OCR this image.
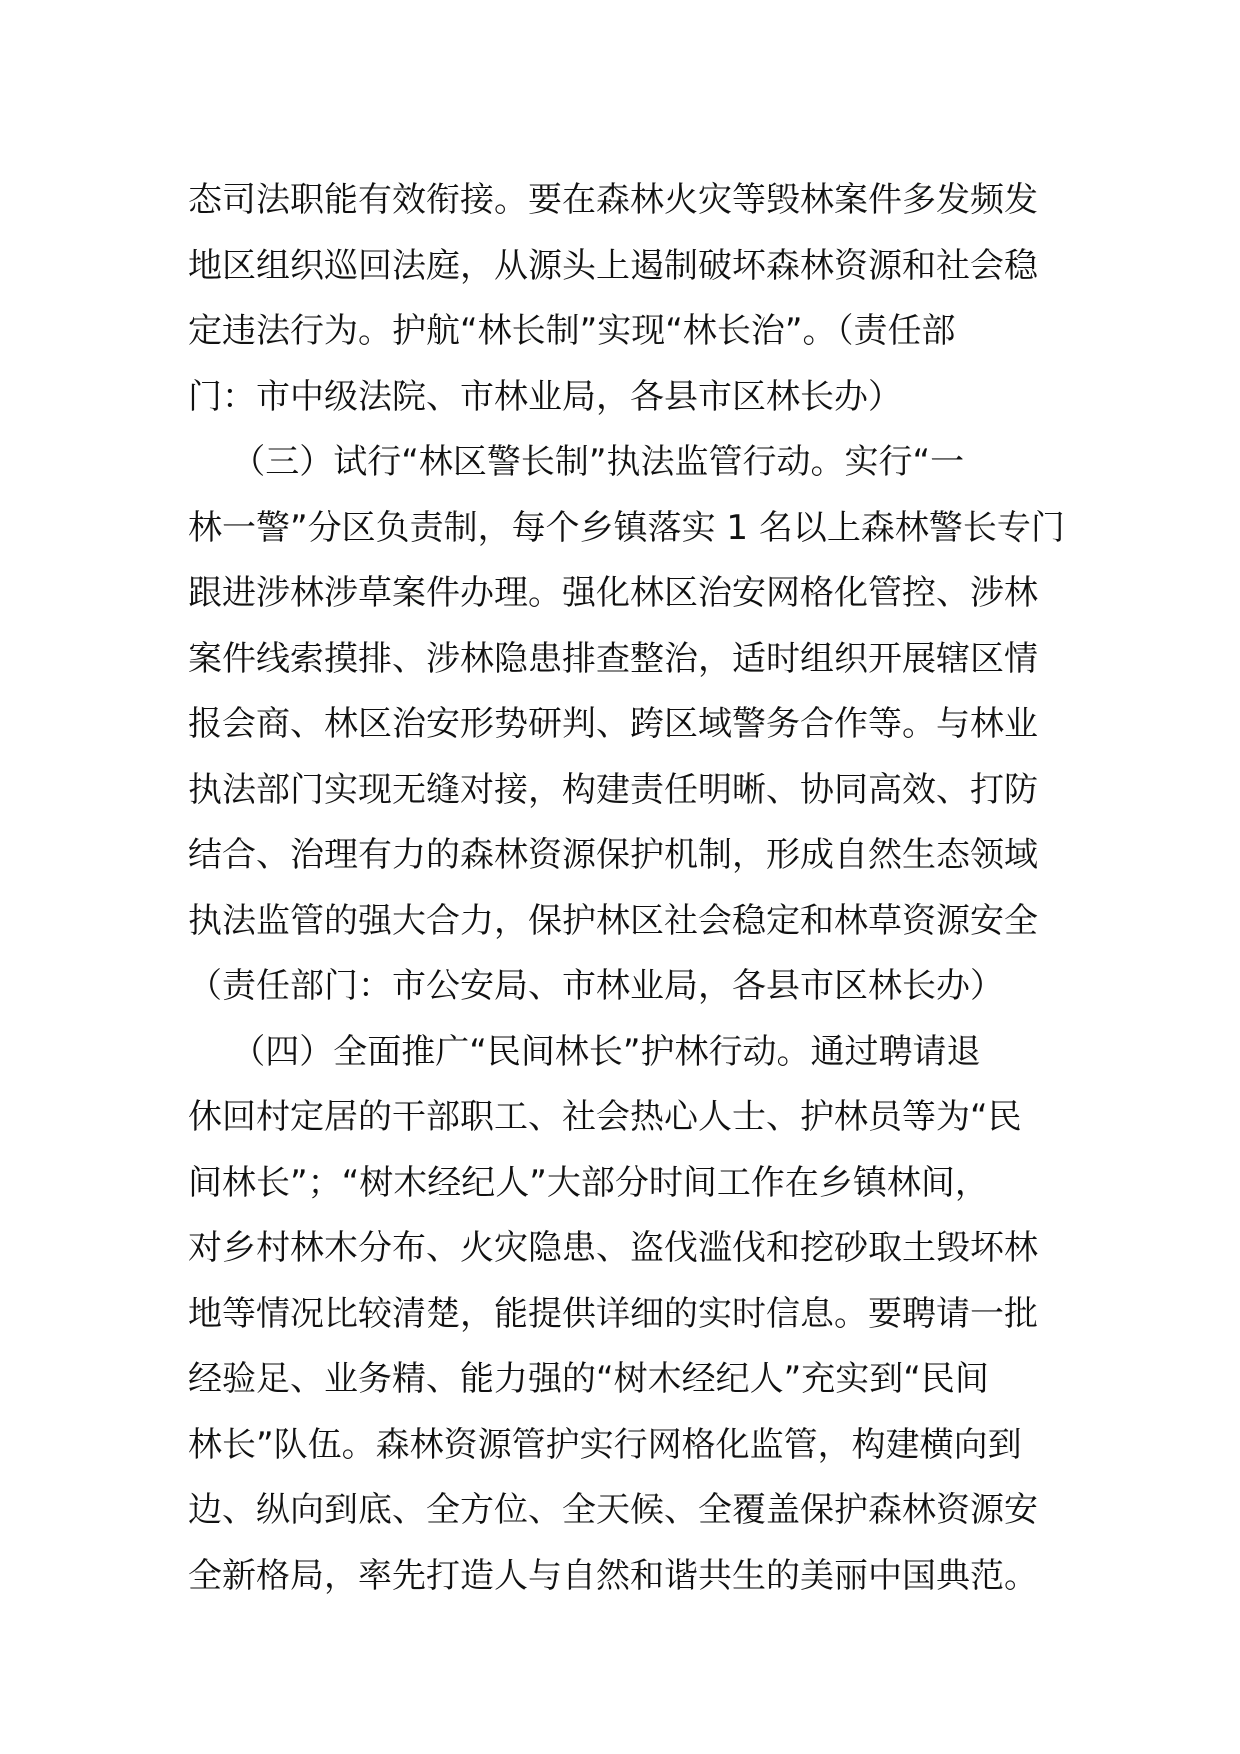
态司法职能有效衔接。要在森林火灾等毁林案件多发频发
地区组织巡回法庭，从源头上遏制破坏森林资源和社会稳
定违法行为。护航“林长制”实现“林长治”。（责任部
门：市中级法院、市林业局，各县市区林长办）
（三）试行“林区警长制”执法监管行动。实行“一
林一警”分区负责制，每个乡镇落实 1 名以上森林警长专门
跟进涉林涉草案件办理。强化林区治安网格化管控、涉林
案件线索摸排、涉林隐患排查整治，适时组织开展辖区情
报会商、林区治安形势研判、跨区域警务合作等。与林业
执法部门实现无缝对接，构建责任明晰、协同高效、打防
结合、治理有力的森林资源保护机制，形成自然生态领域
执法监管的强大合力，保护林区社会稳定和林草资源安全
（责任部门：市公安局、市林业局，各县市区林长办）
（四）全面推广“民间林长”护林行动。通过聘请退
休回村定居的干部职工、社会热心人士、护林员等为“民
间林长”；“树木经纪人”大部分时间工作在乡镇林间，
对乡村林木分布、火灾隐患、盗伐滥伐和挖砂取土毁坏林
地等情况比较清楚，能提供详细的实时信息。要聘请一批
经验足、业务精、能力强的“树木经纪人”充实到“民间
林长”队伍。森林资源管护实行网格化监管，构建横向到
边、纵向到底、全方位、全天候、全覆盖保护森林资源安
全新格局，率先打造人与自然和谐共生的美丽中国典范。
